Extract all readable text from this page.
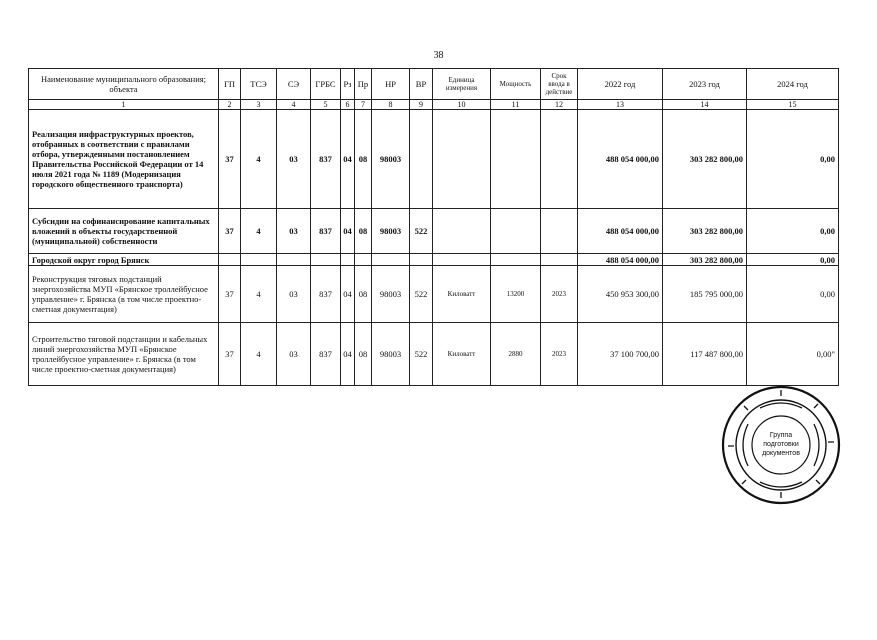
38
Наименование муниципального образования; объекта	ГП	ТСЭ	СЭ	ГРБС	Рз	Пр	НР	ВР	Единица измерения	Мощность	Срок ввода в действие	2022 год	2023 год	2024 год
1	2	3	4	5	6	7	8	9	10	11	12	13	14	15
Реализация инфраструктурных проектов, отобранных в соответствии с правилами отбора, утвержденными постановлением Правительства Российской Федерации от 14 июля 2021 года № 1189 (Модернизация городского общественного транспорта)	37	4	03	837	04	08	98003					488 054 000,00	303 282 800,00	0,00
Субсидии на софинансирование капитальных вложений в объекты государственной (муниципальной) собственности	37	4	03	837	04	08	98003	522				488 054 000,00	303 282 800,00	0,00
Городской округ город Брянск												488 054 000,00	303 282 800,00	0,00
Реконструкция тяговых подстанций энергохозяйства МУП «Брянское троллейбусное управление» г. Брянска (в том числе проектно-сметная документация)	37	4	03	837	04	08	98003	522	Киловатт	13200	2023	450 953 300,00	185 795 000,00	0,00
Строительство тяговой подстанции и кабельных линий энергохозяйства МУП «Брянское троллейбусное управление» г. Брянска (в том числе проектно-сметная документация)	37	4	03	837	04	08	98003	522	Киловатт	2880	2023	37 100 700,00	117 487 800,00	0,00"
Группа
подготовки
документов
